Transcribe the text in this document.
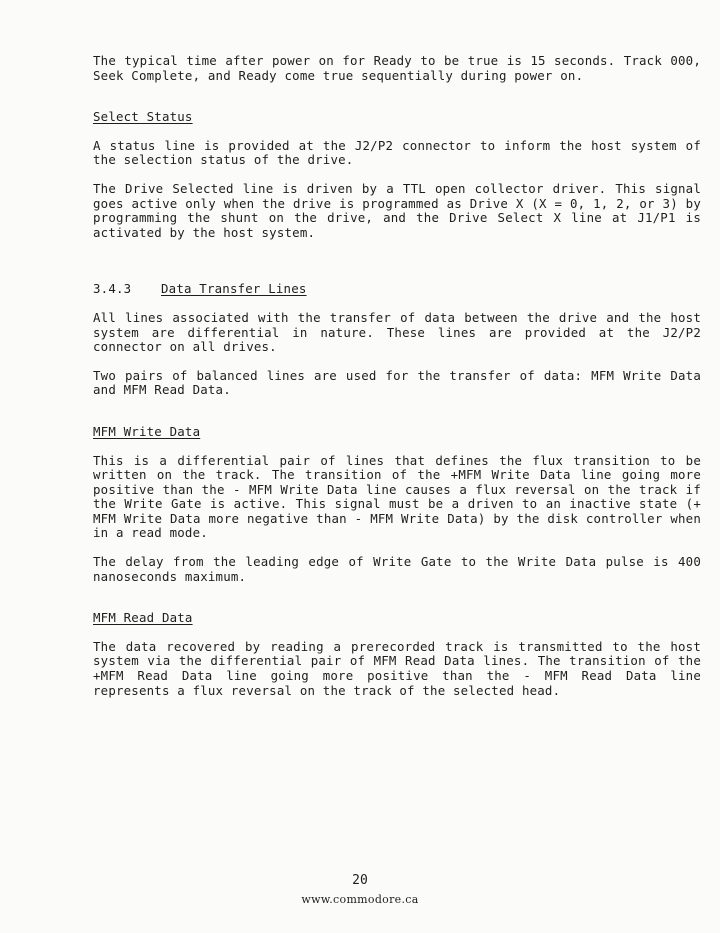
The typical time after power on for Ready to be true is 15 seconds. Track 000, Seek Complete, and Ready come true sequentially during power on.

Select Status

A status line is provided at the J2/P2 connector to inform the host system of the selection status of the drive.

The Drive Selected line is driven by a TTL open collector driver. This signal goes active only when the drive is programmed as Drive X (X = 0, 1, 2, or 3) by programming the shunt on the drive, and the Drive Select X line at J1/P1 is activated by the host system.

3.4.3	Data Transfer Lines

All lines associated with the transfer of data between the drive and the host system are differential in nature. These lines are provided at the J2/P2 connector on all drives.

Two pairs of balanced lines are used for the transfer of data: MFM Write Data and MFM Read Data.

MFM Write Data

This is a differential pair of lines that defines the flux transition to be written on the track. The transition of the +MFM Write Data line going more positive than the - MFM Write Data line causes a flux reversal on the track if the Write Gate is active. This signal must be a driven to an inactive state (+ MFM Write Data more negative than - MFM Write Data) by the disk controller when in a read mode.

The delay from the leading edge of Write Gate to the Write Data pulse is 400 nanoseconds maximum.

MFM Read Data

The data recovered by reading a prerecorded track is transmitted to the host system via the differential pair of MFM Read Data lines. The transition of the +MFM Read Data line going more positive than the - MFM Read Data line represents a flux reversal on the track of the selected head.

20
www.commodore.ca
